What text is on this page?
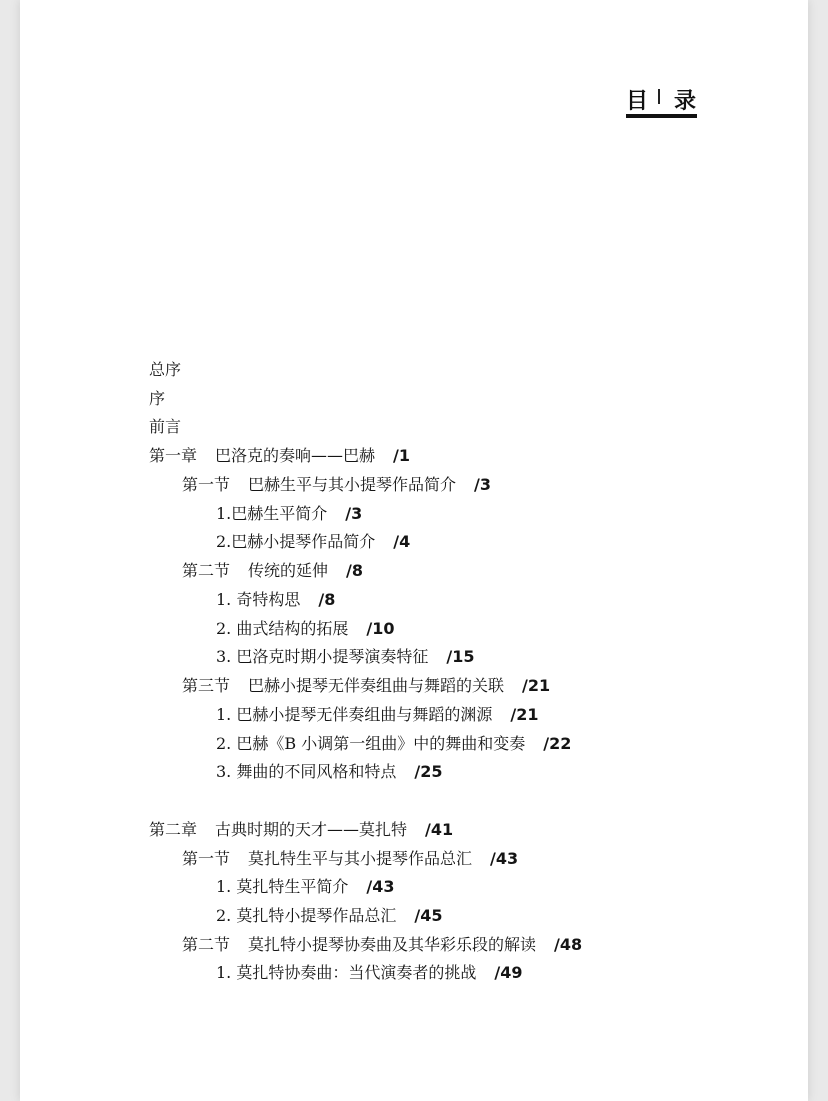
目 录
总序
序
前言
第一章 巴洛克的奏响——巴赫 /1
第一节 巴赫生平与其小提琴作品简介 /3
1.巴赫生平简介 /3
2.巴赫小提琴作品简介 /4
第二节 传统的延伸 /8
1. 奇特构思 /8
2. 曲式结构的拓展 /10
3. 巴洛克时期小提琴演奏特征 /15
第三节 巴赫小提琴无伴奏组曲与舞蹈的关联 /21
1. 巴赫小提琴无伴奏组曲与舞蹈的渊源 /21
2. 巴赫《B 小调第一组曲》中的舞曲和变奏 /22
3. 舞曲的不同风格和特点 /25
第二章 古典时期的天才——莫扎特 /41
第一节 莫扎特生平与其小提琴作品总汇 /43
1. 莫扎特生平简介 /43
2. 莫扎特小提琴作品总汇 /45
第二节 莫扎特小提琴协奏曲及其华彩乐段的解读 /48
1. 莫扎特协奏曲：当代演奏者的挑战 /49
